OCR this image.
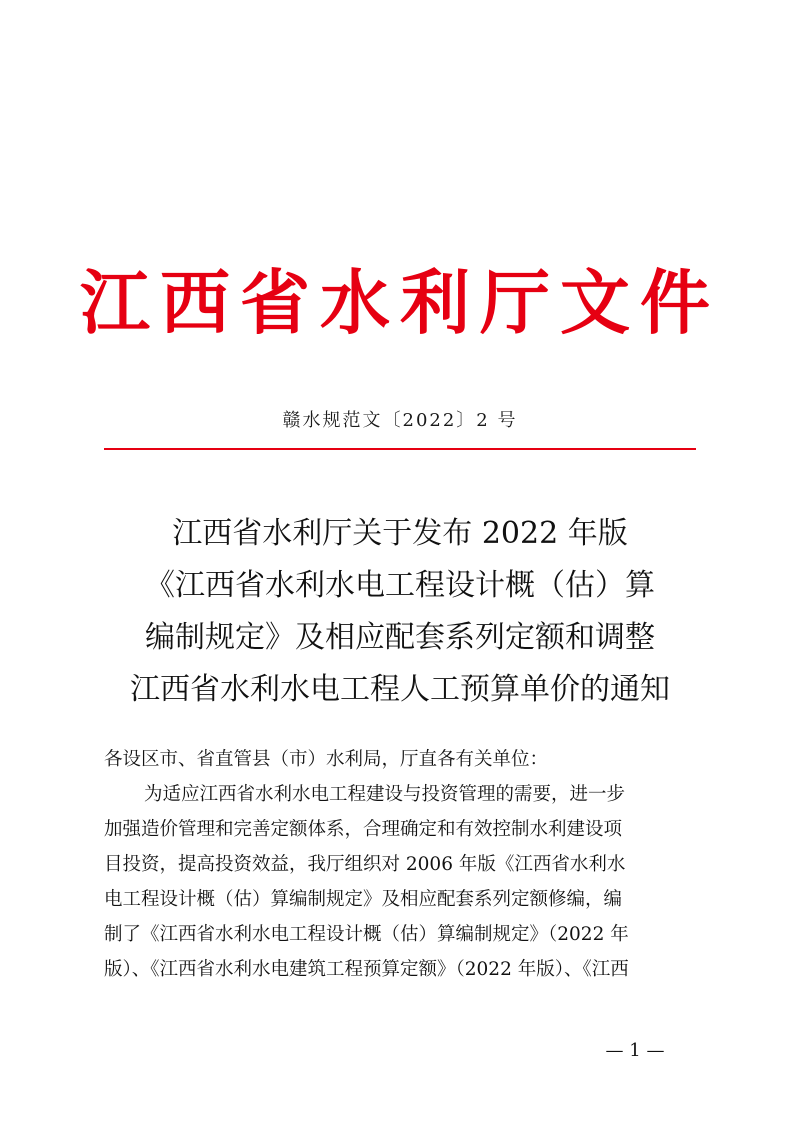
江西省水利厅文件
赣水规范文〔2022〕2 号
江西省水利厅关于发布 2022 年版
《江西省水利水电工程设计概（估）算
编制规定》及相应配套系列定额和调整
江西省水利水电工程人工预算单价的通知
各设区市、省直管县（市）水利局，厅直各有关单位：
为适应江西省水利水电工程建设与投资管理的需要，进一步
加强造价管理和完善定额体系，合理确定和有效控制水利建设项
目投资，提高投资效益，我厅组织对 2006 年版《江西省水利水
电工程设计概（估）算编制规定》及相应配套系列定额修编，编
制了《江西省水利水电工程设计概（估）算编制规定》（2022 年
版）、《江西省水利水电建筑工程预算定额》（2022 年版）、《江西
— 1 —
